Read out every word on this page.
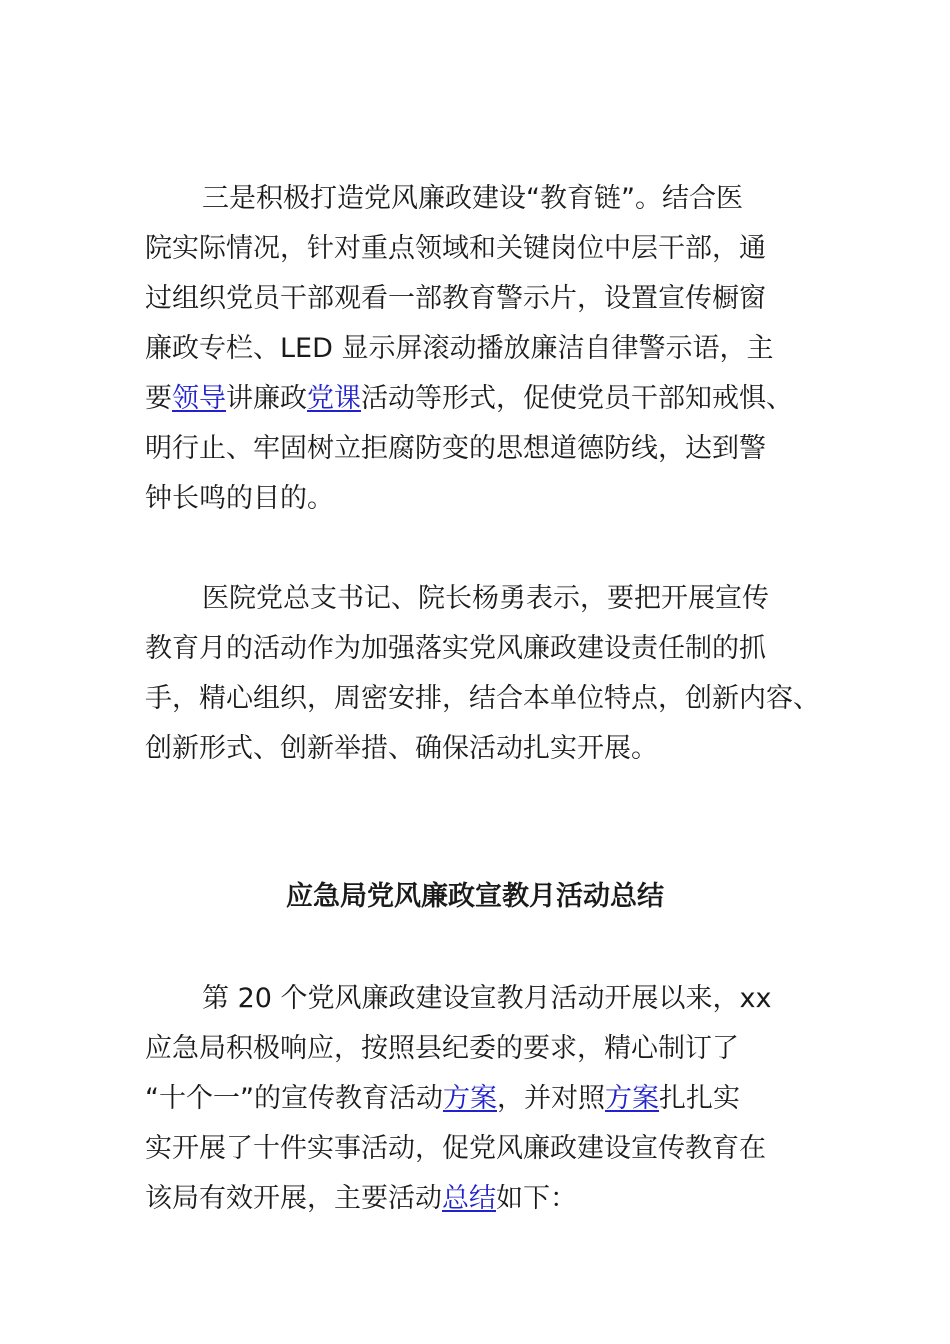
三是积极打造党风廉政建设“教育链”。结合医
院实际情况，针对重点领域和关键岗位中层干部，通
过组织党员干部观看一部教育警示片，设置宣传橱窗
廉政专栏、LED 显示屏滚动播放廉洁自律警示语，主
要领导讲廉政党课活动等形式，促使党员干部知戒惧、
明行止、牢固树立拒腐防变的思想道德防线，达到警
钟长鸣的目的。
医院党总支书记、院长杨勇表示，要把开展宣传
教育月的活动作为加强落实党风廉政建设责任制的抓
手，精心组织，周密安排，结合本单位特点，创新内容、
创新形式、创新举措、确保活动扎实开展。
应急局党风廉政宣教月活动总结
第 20 个党风廉政建设宣教月活动开展以来，xx
应急局积极响应，按照县纪委的要求，精心制订了
“十个一”的宣传教育活动方案，并对照方案扎扎实
实开展了十件实事活动，促党风廉政建设宣传教育在
该局有效开展，主要活动总结如下：
